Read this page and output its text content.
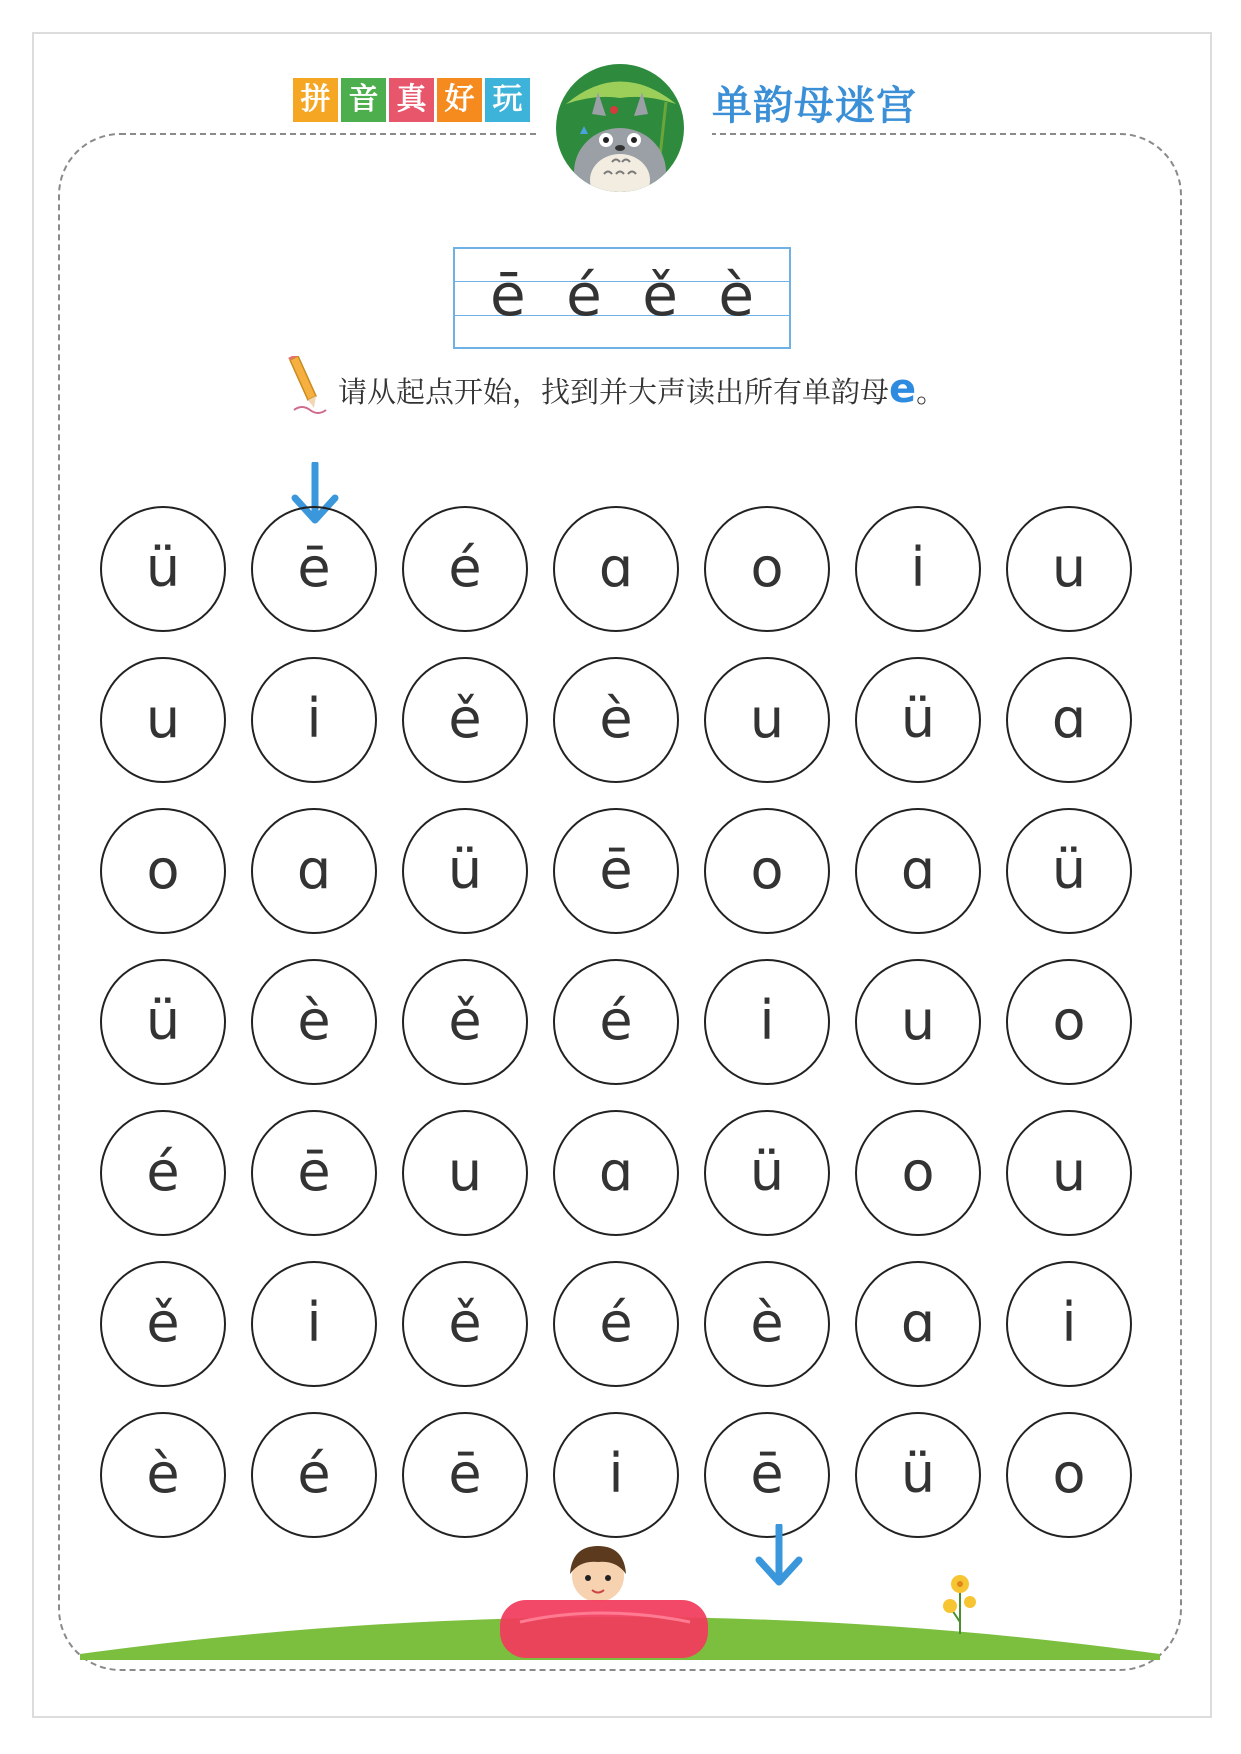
拼 音 真 好 玩	单韵母迷宫
ē é ě è
请从起点开始，找到并大声读出所有单韵母e。
ü	ē	é	ɑ	o	i	u
u	i	ě	è	u	ü	ɑ
o	ɑ	ü	ē	o	ɑ	ü
ü	è	ě	é	i	u	o
é	ē	u	ɑ	ü	o	u
ě	i	ě	é	è	ɑ	i
è	é	ē	i	ē	ü	o
